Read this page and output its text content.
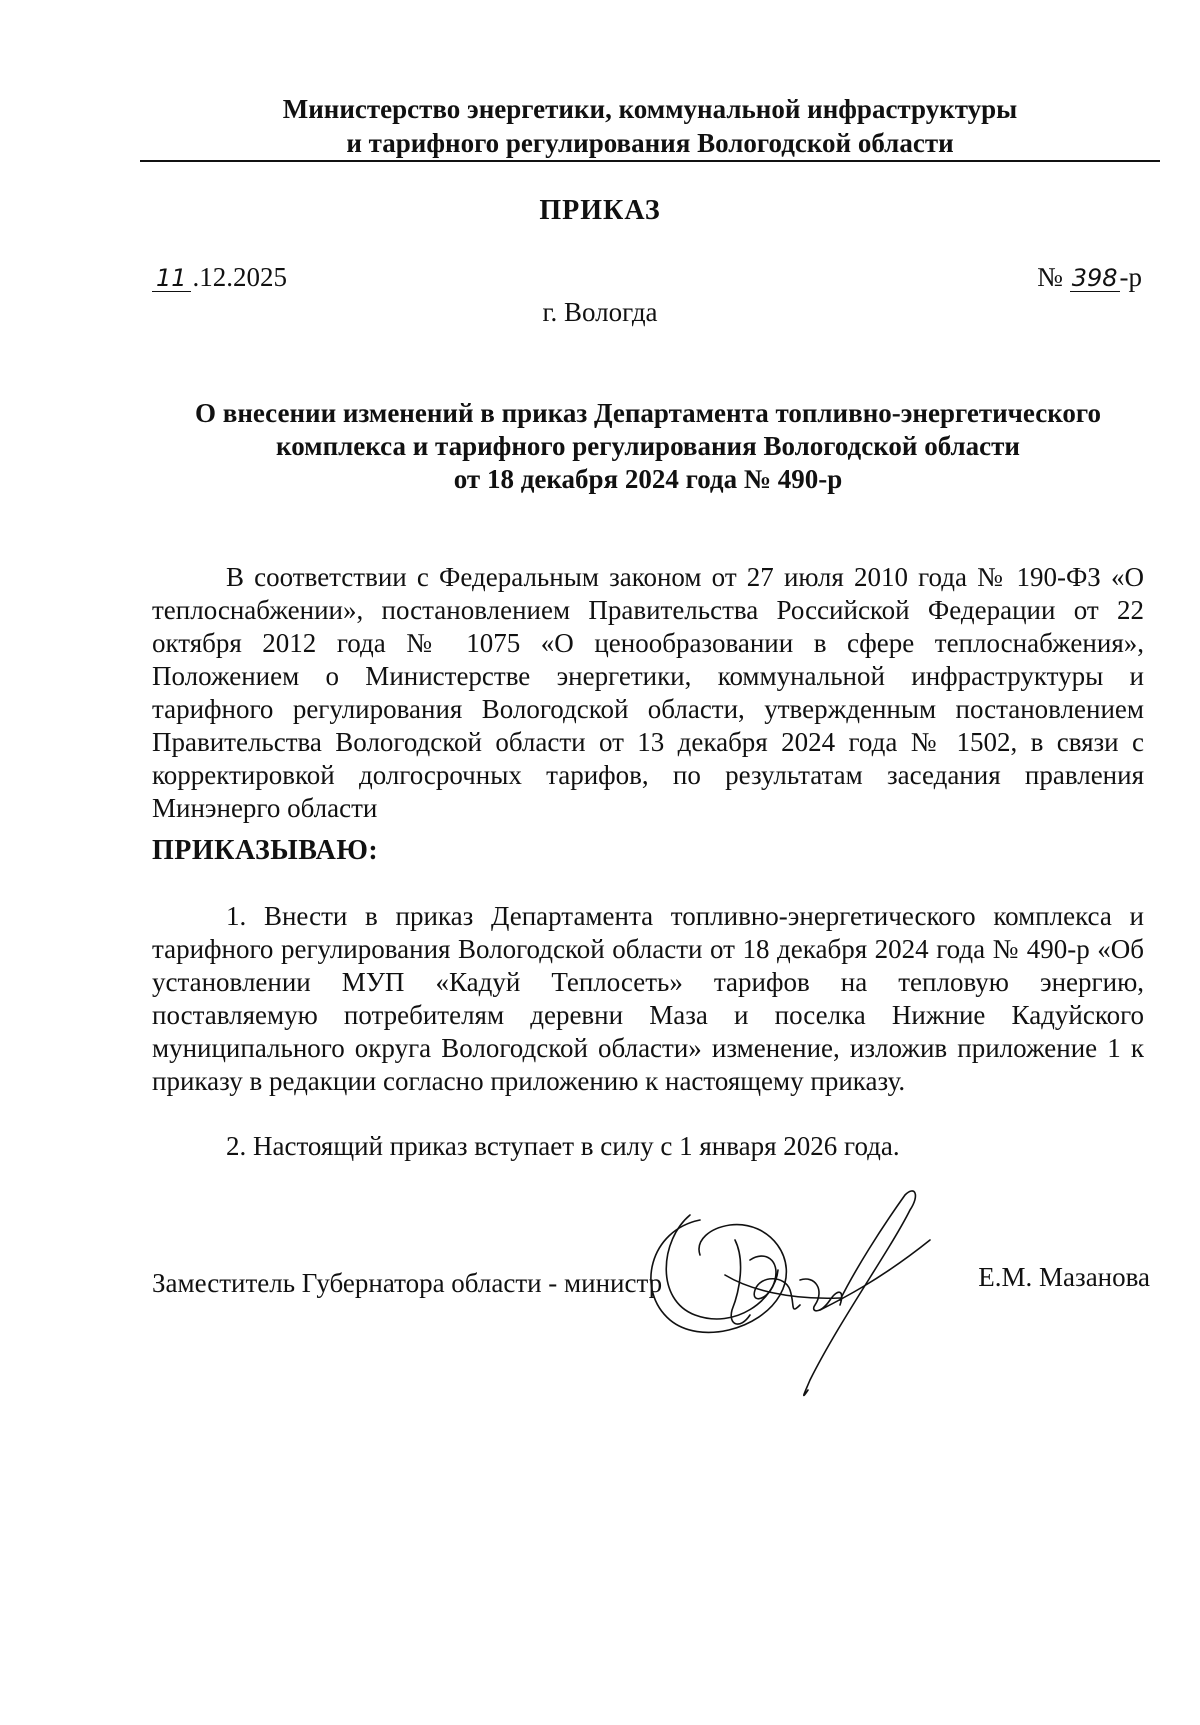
Министерство энергетики, коммунальной инфраструктуры
и тарифного регулирования Вологодской области
ПРИКАЗ
11 .12.2025	№ 398-р
г. Вологда
О внесении изменений в приказ Департамента топливно-энергетического
комплекса и тарифного регулирования Вологодской области
от 18 декабря 2024 года № 490-р
В соответствии с Федеральным законом от 27 июля 2010 года № 190-ФЗ «О теплоснабжении», постановлением Правительства Российской Федерации от 22 октября 2012 года № 1075 «О ценообразовании в сфере теплоснабжения», Положением о Министерстве энергетики, коммунальной инфраструктуры и тарифного регулирования Вологодской области, утвержденным постановлением Правительства Вологодской области от 13 декабря 2024 года № 1502, в связи с корректировкой долгосрочных тарифов, по результатам заседания правления Минэнерго области
ПРИКАЗЫВАЮ:
1. Внести в приказ Департамента топливно-энергетического комплекса и тарифного регулирования Вологодской области от 18 декабря 2024 года № 490-р «Об установлении МУП «Кадуй Теплосеть» тарифов на тепловую энергию, поставляемую потребителям деревни Маза и поселка Нижние Кадуйского муниципального округа Вологодской области» изменение, изложив приложение 1 к приказу в редакции согласно приложению к настоящему приказу.
2. Настоящий приказ вступает в силу с 1 января 2026 года.
Заместитель Губернатора области - министр	Е.М. Мазанова
